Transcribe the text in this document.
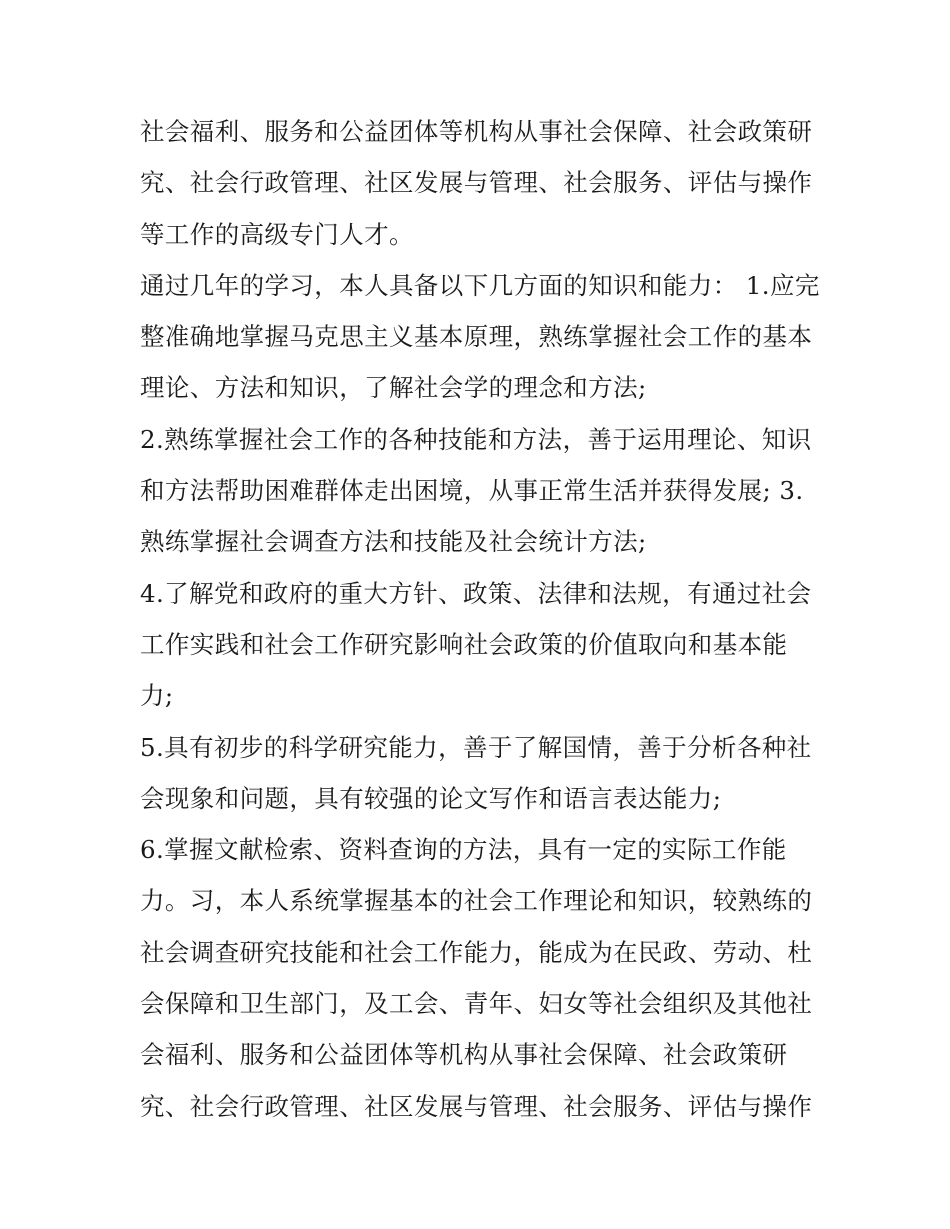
社会福利、服务和公益团体等机构从事社会保障、社会政策研
究、社会行政管理、社区发展与管理、社会服务、评估与操作
等工作的高级专门人才。
通过几年的学习，本人具备以下几方面的知识和能力： 1.应完
整准确地掌握马克思主义基本原理，熟练掌握社会工作的基本
理论、方法和知识，了解社会学的理念和方法;
2.熟练掌握社会工作的各种技能和方法，善于运用理论、知识
和方法帮助困难群体走出困境，从事正常生活并获得发展; 3.
熟练掌握社会调查方法和技能及社会统计方法;
4.了解党和政府的重大方针、政策、法律和法规，有通过社会
工作实践和社会工作研究影响社会政策的价值取向和基本能
力;
5.具有初步的科学研究能力，善于了解国情，善于分析各种社
会现象和问题，具有较强的论文写作和语言表达能力;
6.掌握文献检索、资料查询的方法，具有一定的实际工作能
力。习，本人系统掌握基本的社会工作理论和知识，较熟练的
社会调查研究技能和社会工作能力，能成为在民政、劳动、杜
会保障和卫生部门，及工会、青年、妇女等社会组织及其他社
会福利、服务和公益团体等机构从事社会保障、社会政策研
究、社会行政管理、社区发展与管理、社会服务、评估与操作
